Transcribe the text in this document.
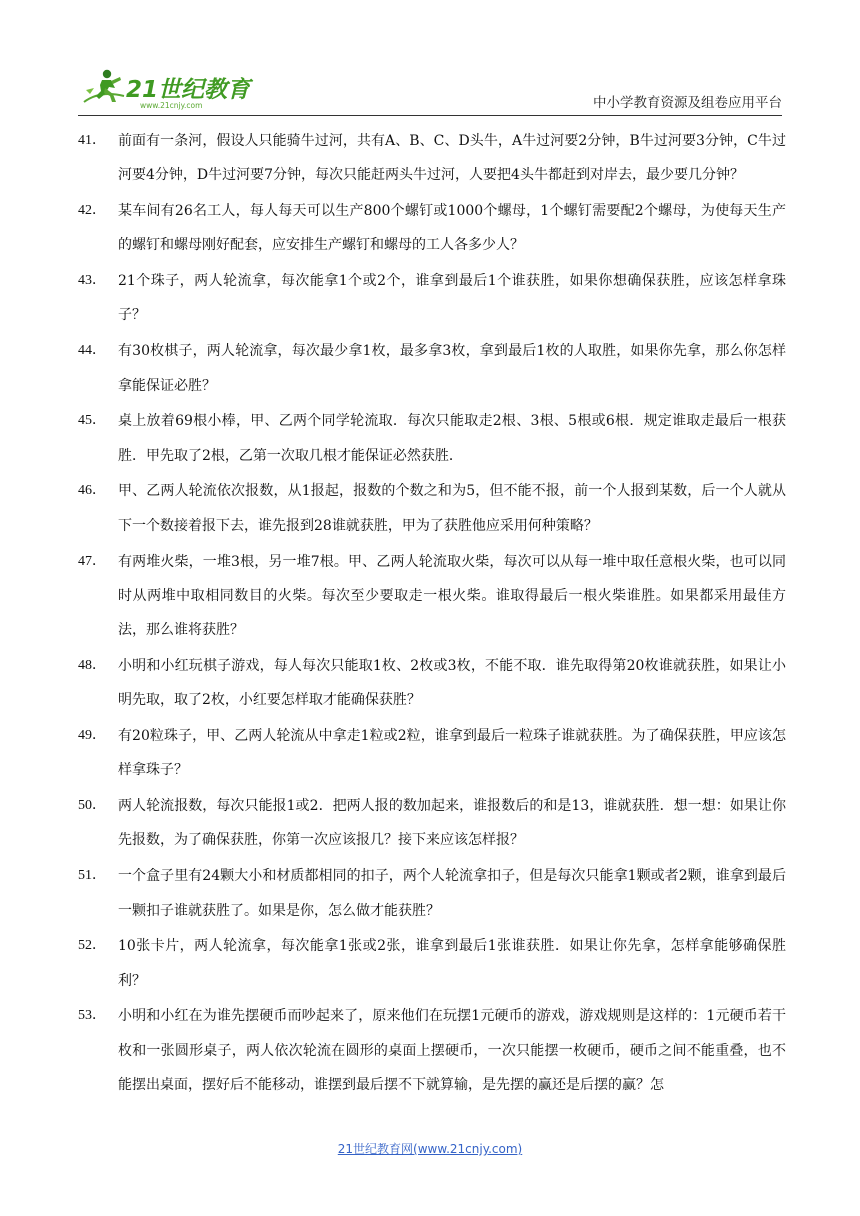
21世纪教育
www.21cnjy.com	中小学教育资源及组卷应用平台
41． 前面有一条河，假设人只能骑牛过河，共有A、B、C、D头牛，A牛过河要2分钟，B牛过河要3分钟，C牛过河要4分钟，D牛过河要7分钟，每次只能赶两头牛过河，人要把4头牛都赶到对岸去，最少要几分钟？
42． 某车间有26名工人，每人每天可以生产800个螺钉或1000个螺母，1个螺钉需要配2个螺母，为使每天生产的螺钉和螺母刚好配套，应安排生产螺钉和螺母的工人各多少人？
43． 21个珠子，两人轮流拿，每次能拿1个或2个，谁拿到最后1个谁获胜，如果你想确保获胜，应该怎样拿珠子？
44． 有30枚棋子，两人轮流拿，每次最少拿1枚，最多拿3枚，拿到最后1枚的人取胜，如果你先拿，那么你怎样拿能保证必胜？
45． 桌上放着69根小棒，甲、乙两个同学轮流取．每次只能取走2根、3根、5根或6根．规定谁取走最后一根获胜．甲先取了2根，乙第一次取几根才能保证必然获胜．
46． 甲、乙两人轮流依次报数，从1报起，报数的个数之和为5，但不能不报，前一个人报到某数，后一个人就从下一个数接着报下去，谁先报到28谁就获胜，甲为了获胜他应采用何种策略？
47． 有两堆火柴，一堆3根，另一堆7根。甲、乙两人轮流取火柴，每次可以从每一堆中取任意根火柴，也可以同时从两堆中取相同数目的火柴。每次至少要取走一根火柴。谁取得最后一根火柴谁胜。如果都采用最佳方法，那么谁将获胜？
48． 小明和小红玩棋子游戏，每人每次只能取1枚、2枚或3枚，不能不取．谁先取得第20枚谁就获胜，如果让小明先取，取了2枚，小红要怎样取才能确保获胜？
49． 有20粒珠子，甲、乙两人轮流从中拿走1粒或2粒，谁拿到最后一粒珠子谁就获胜。为了确保获胜，甲应该怎样拿珠子？
50． 两人轮流报数，每次只能报1或2．把两人报的数加起来，谁报数后的和是13，谁就获胜．想一想：如果让你先报数，为了确保获胜，你第一次应该报几？接下来应该怎样报？
51． 一个盒子里有24颗大小和材质都相同的扣子，两个人轮流拿扣子，但是每次只能拿1颗或者2颗，谁拿到最后一颗扣子谁就获胜了。如果是你，怎么做才能获胜？
52． 10张卡片，两人轮流拿，每次能拿1张或2张，谁拿到最后1张谁获胜．如果让你先拿，怎样拿能够确保胜利？
53． 小明和小红在为谁先摆硬币而吵起来了，原来他们在玩摆1元硬币的游戏，游戏规则是这样的：1元硬币若干枚和一张圆形桌子，两人依次轮流在圆形的桌面上摆硬币，一次只能摆一枚硬币，硬币之间不能重叠，也不能摆出桌面，摆好后不能移动，谁摆到最后摆不下就算输，是先摆的赢还是后摆的赢？怎
21世纪教育网(www.21cnjy.com)
